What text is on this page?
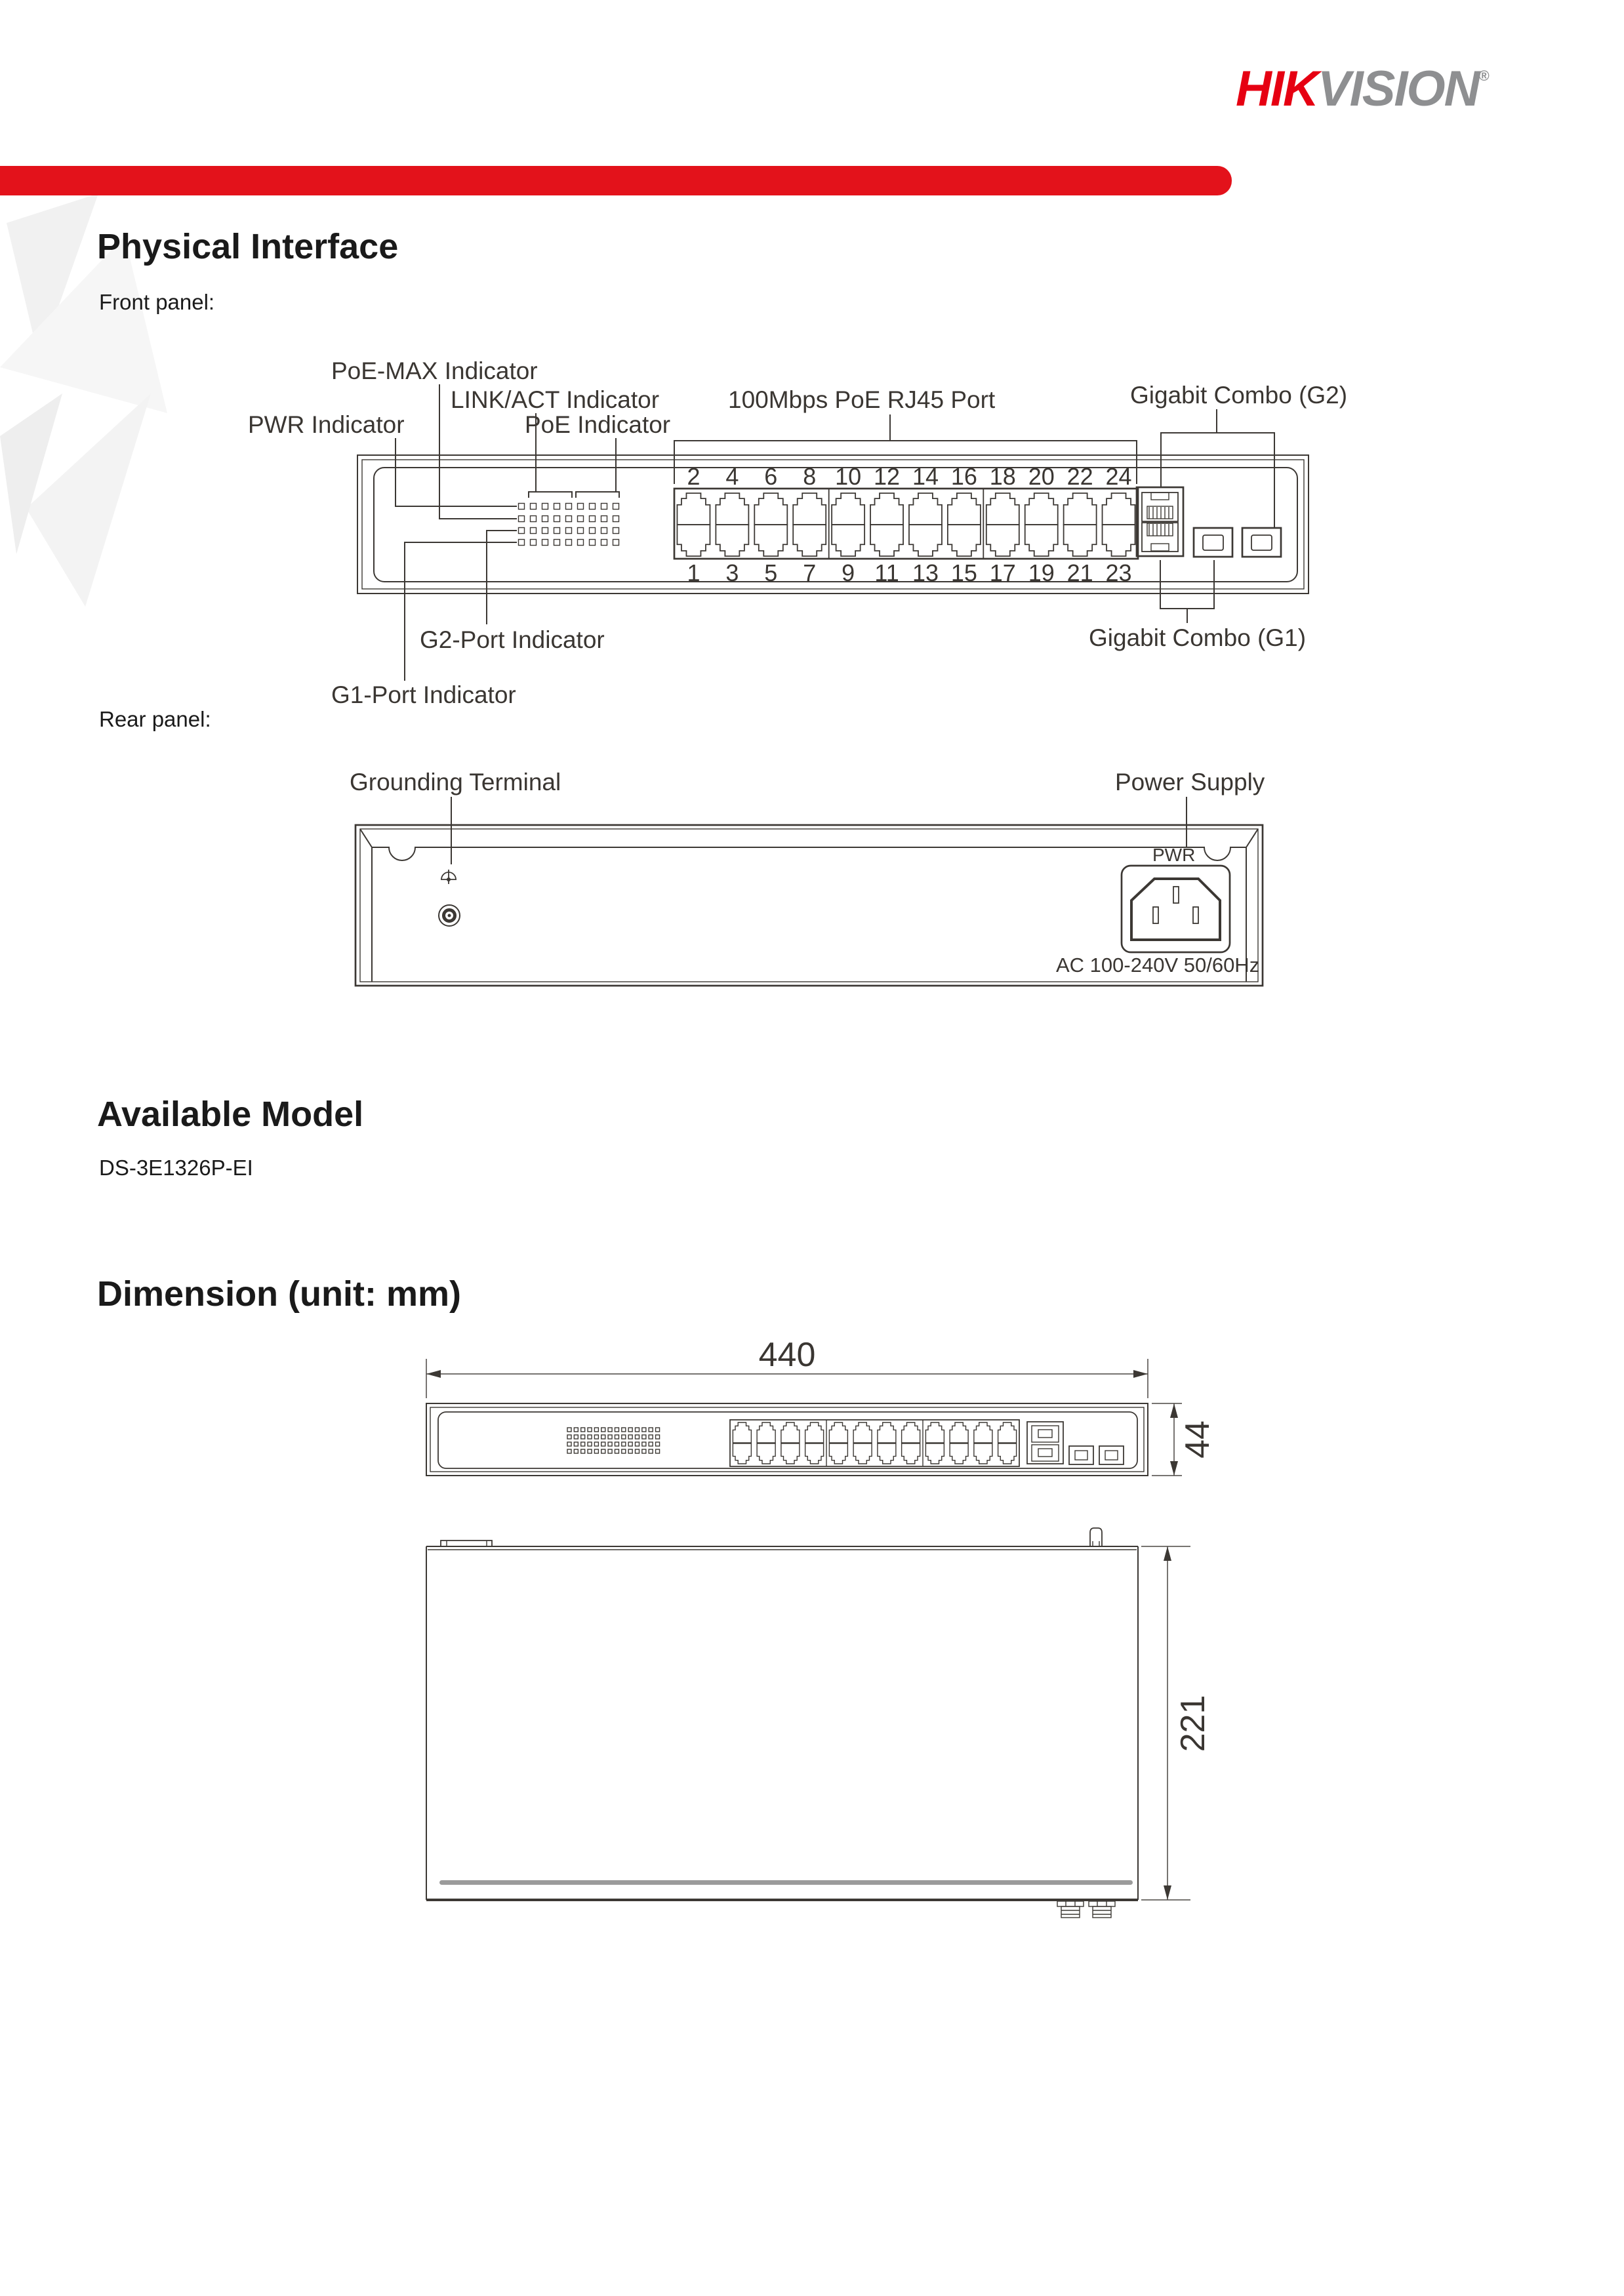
HIKVISION®
Physical Interface
Front panel:
Rear panel:
Available Model
DS-3E1326P-EI
Dimension (unit: mm)
PoE-MAX Indicator
LINK/ACT Indicator
PWR Indicator	PoE Indicator
100Mbps PoE RJ45 Port	Gigabit Combo (G2)
G2-Port Indicator
G1-Port Indicator
Gigabit Combo (G1)
2
1
4
3
6
5
8
7
10
9
12
11
14
13
16
15
18
17
20
19
22
21
24
23
Grounding Terminal	Power Supply
PWR
AC 100-240V 50/60Hz
440
44
221
